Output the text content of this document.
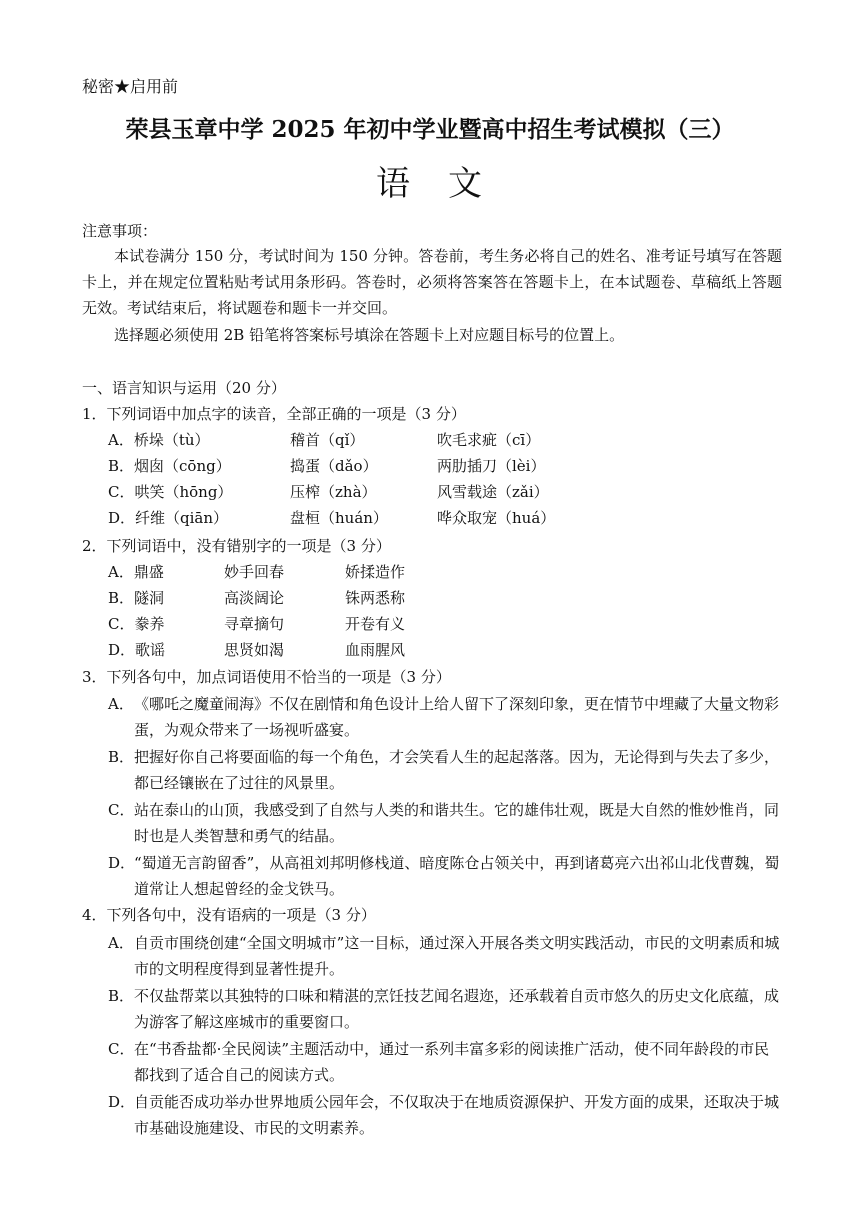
秘密★启用前
荣县玉章中学 2025 年初中学业暨高中招生考试模拟（三）
语　文
注意事项：
本试卷满分 150 分，考试时间为 150 分钟。答卷前，考生务必将自己的姓名、准考证号填写在答题卡上，并在规定位置粘贴考试用条形码。答卷时，必须将答案答在答题卡上，在本试题卷、草稿纸上答题无效。考试结束后，将试题卷和题卡一并交回。
选择题必须使用 2B 铅笔将答案标号填涂在答题卡上对应题目标号的位置上。
一、语言知识与运用（20 分）
1．下列词语中加点字的读音，全部正确的一项是（3 分）
A．桥垛（tù）	稽首（qǐ）	吹毛求疵（cī）
B．烟囱（cōng）	捣蛋（dǎo）	两肋插刀（lèi）
C．哄笑（hōng）	压榨（zhà）	风雪载途（zǎi）
D．纤维（qiān）	盘桓（huán）	哗众取宠（huá）
2．下列词语中，没有错别字的一项是（3 分）
A．鼎盛	妙手回春	娇揉造作
B．隧洞	高淡阔论	铢两悉称
C．豢养	寻章摘句	开卷有义
D．歌谣	思贤如渴	血雨腥风
3．下列各句中，加点词语使用不恰当的一项是（3 分）
A． 《哪吒之魔童闹海》不仅在剧情和角色设计上给人留下了深刻印象，更在情节中埋藏了大量文物彩蛋，为观众带来了一场视听盛宴。
B． 把握好你自己将要面临的每一个角色，才会笑看人生的起起落落。因为，无论得到与失去了多少，都已经镶嵌在了过往的风景里。
C． 站在泰山的山顶，我感受到了自然与人类的和谐共生。它的雄伟壮观，既是大自然的惟妙惟肖，同时也是人类智慧和勇气的结晶。
D．
“蜀道无言韵留香”，从高祖刘邦明修栈道、暗度陈仓占领关中，再到诸葛亮六出祁山北伐曹魏，蜀道常让人想起曾经的金戈铁马。
4．下列各句中，没有语病的一项是（3 分）
A． 自贡市围绕创建“全国文明城市”这一目标，通过深入开展各类文明实践活动，市民的文明素质和城市的文明程度得到显著性提升。
B． 不仅盐帮菜以其独特的口味和精湛的烹饪技艺闻名遐迩，还承载着自贡市悠久的历史文化底蕴，成为游客了解这座城市的重要窗口。
C． 在“书香盐都·全民阅读”主题活动中，通过一系列丰富多彩的阅读推广活动，使不同年龄段的市民都找到了适合自己的阅读方式。
D．
自贡能否成功举办世界地质公园年会，不仅取决于在地质资源保护、开发方面的成果，还取决于城市基础设施建设、市民的文明素养。
